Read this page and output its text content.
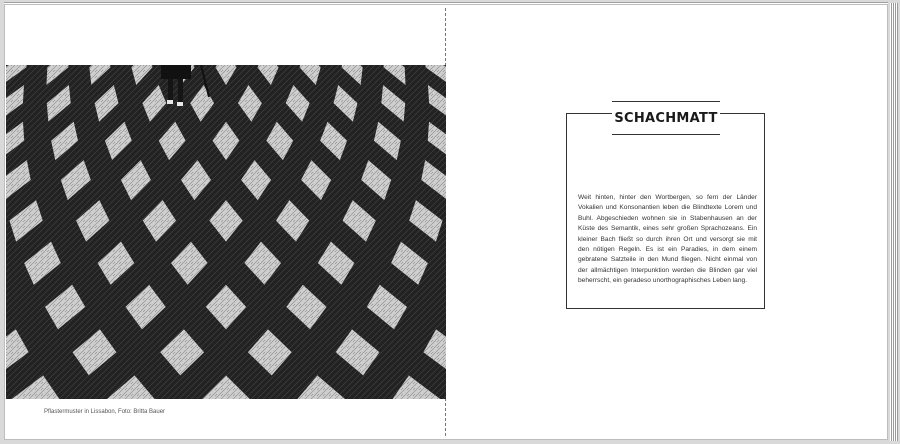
Pflastermuster in Lissabon, Foto: Britta Bauer
SCHACHMATT
Weit hinten, hinter den Wortbergen, so fern der Länder Vokalien und Konsonantien leben die Blindtexte Lorem und Buhl. Abgeschieden wohnen sie in Stabenhausen an der Küste des Semantik, eines sehr großen Sprachozeans. Ein kleiner Bach fließt so durch ihren Ort und versorgt sie mit den nötigen Regeln. Es ist ein Paradies, in dem einem gebratene Satzteile in den Mund fliegen. Nicht einmal von der allmächtigen Interpunktion werden die Blinden gar viel beherrscht, ein geradeso unorthographisches Leben lang.
